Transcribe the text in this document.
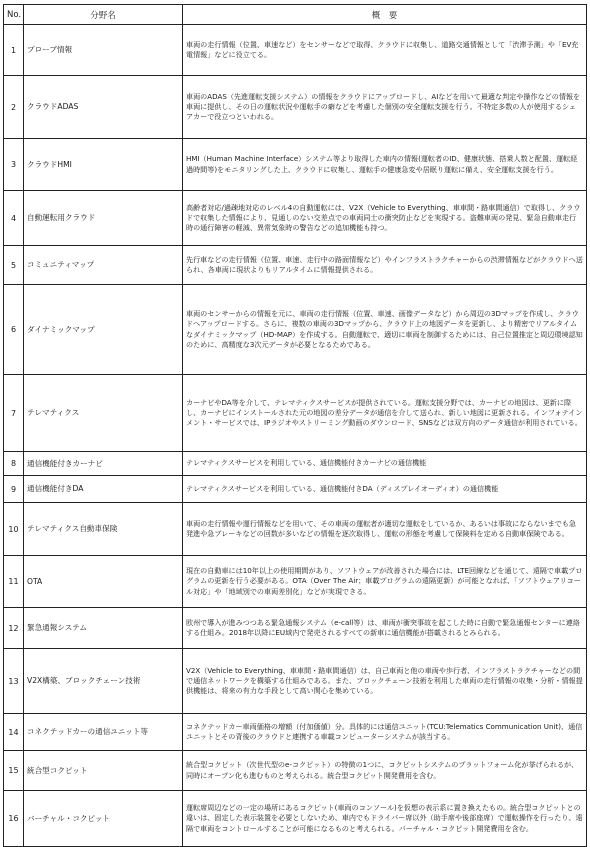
No.	分野名	概　要
1	プローブ情報	車両の走行情報（位置、車速など）をセンサーなどで取得、クラウドに収集し、道路交通情報として「渋滞予測」や「EV充電情報」などに役立てる。
2	クラウドADAS	車両のADAS（先進運転支援システム）の情報をクラウドにアップロードし、AIなどを用いて最適な判定や操作などの情報を車両に提供し、その日の運転状況や運転手の癖などを考慮した個別の安全運転支援を行う。不特定多数の人が使用するシェアカーで役立つといわれる。
3	クラウドHMI	HMI（Human Machine Interface）システム等より取得した車内の情報(運転者のID、健康状態、搭乗人数と配置、運転経過時間等)をモニタリングした上、クラウドに収集し、運転手の健康急変や居眠り運転に備え、安全運転支援を行う。
4	自動運転用クラウド	高齢者対応/過疎地対応のレベル4の自動運転には、V2X（Vehicle to Everything、車車間・路車間通信）で取得し、クラウドで収集した情報により、見通しのない交差点での車両同士の衝突防止などを実現する。盗難車両の発見、緊急自動車走行時の通行障害の軽減、異常気象時の警告などの追加機能も持つ。
5	コミュニティマップ	先行車などの走行情報（位置、車速、走行中の路面情報など）やインフラストラクチャーからの渋滞情報などがクラウドへ送られ、各車両に現状よりもリアルタイムに情報提供される。
6	ダイナミックマップ	車両のセンサーからの情報を元に、車両の走行情報（位置、車速、画像データなど）から周辺の3Dマップを作成し、クラウドへアップロードする。さらに、複数の車両の3Dマップから、クラウド上の地図データを更新し、より精密でリアルタイムなダイナミックマップ（HD-MAP）を作成する。自動運転で、適切に車両を制御するためには、自己位置推定と周辺環境認知のために、高精度な3次元データが必要となるためである。
7	テレマティクス	カーナビやDA等を介して、テレマティクスサービスが提供されている。運転支援分野では、カーナビの地図は、更新に際し、カーナビにインストールされた元の地図の差分データが通信を介して送られ、新しい地図に更新される。インフォテインメント・サービスでは、IPラジオやストリーミング動画のダウンロード、SNSなどは双方向のデータ通信が利用されている。
8	通信機能付きカーナビ	テレマティクスサービスを利用している、通信機能付きカーナビの通信機能
9	通信機能付きDA	テレマティクスサービスを利用している、通信機能付きDA（ディスプレイオーディオ）の通信機能
10	テレマティクス自動車保険	車両の走行情報や運行情報などを用いて、その車両の運転者が適切な運転をしているか、あるいは事故にならないまでも急発進や急ブレーキなどの回数が多いなどの情報を逐次取得し、運転の形態を考慮して保険料を定める自動車保険である。
11	OTA	現在の自動車には10年以上の使用期間があり、ソフトウェアが改善された場合には、LTE回線などを通じて、遠隔で車載プログラムの更新を行う必要がある。OTA（Over The Air；車載プログラムの遠隔更新）が可能となれば、「ソフトウェアリコール対応」や「地域別での車両差別化」などが実現できる。
12	緊急通報システム	欧州で導入が進みつつある緊急通報システム（e-call等）は、車両が衝突事故を起こした時に自動で緊急通報センターに連絡する仕組み。2018年以降にEU域内で発売されるすべての新車に通信機能が搭載されるとみられる。
13	V2X構築、ブロックチェーン技術	V2X（Vehicle to Everything、車車間・路車間通信）は、自己車両と他の車両や歩行者、インフラストラクチャーなどの間で通信ネットワークを構築する仕組みである。また、ブロックチェーン技術を利用した車両の走行情報の収集・分析・情報提供機能は、将来の有力な手段として高い関心を集めている。
14	コネクテッドカーの通信ユニット等	コネクテッドカー車両価格の増額（付加価値）分。具体的には通信ユニット(TCU:Telematics Communication Unit)、通信ユニットとその背後のクラウドと連携する車載コンピューターシステムが該当する。
15	統合型コクピット	統合型コクピット（次世代型のe-コクピット）の特徴の1つに、コクピットシステムのプラットフォーム化が挙げられるが、同時にオープン化も進むものと考えられる。統合型コクピット開発費用を含む。
16	バーチャル・コクピット	運転席周辺などの一定の場所にあるコクピット(車両のコンソール)を仮想の表示系に置き換えたもの。統合型コクピットとの違いは、固定した表示装置を必要としないため、車内でもドライバー席以外（助手席や後部座席）で運転操作を行ったり、遠隔で車両をコントロールすることが可能になるものと考えられる。バーチャル・コクピット開発費用を含む。
